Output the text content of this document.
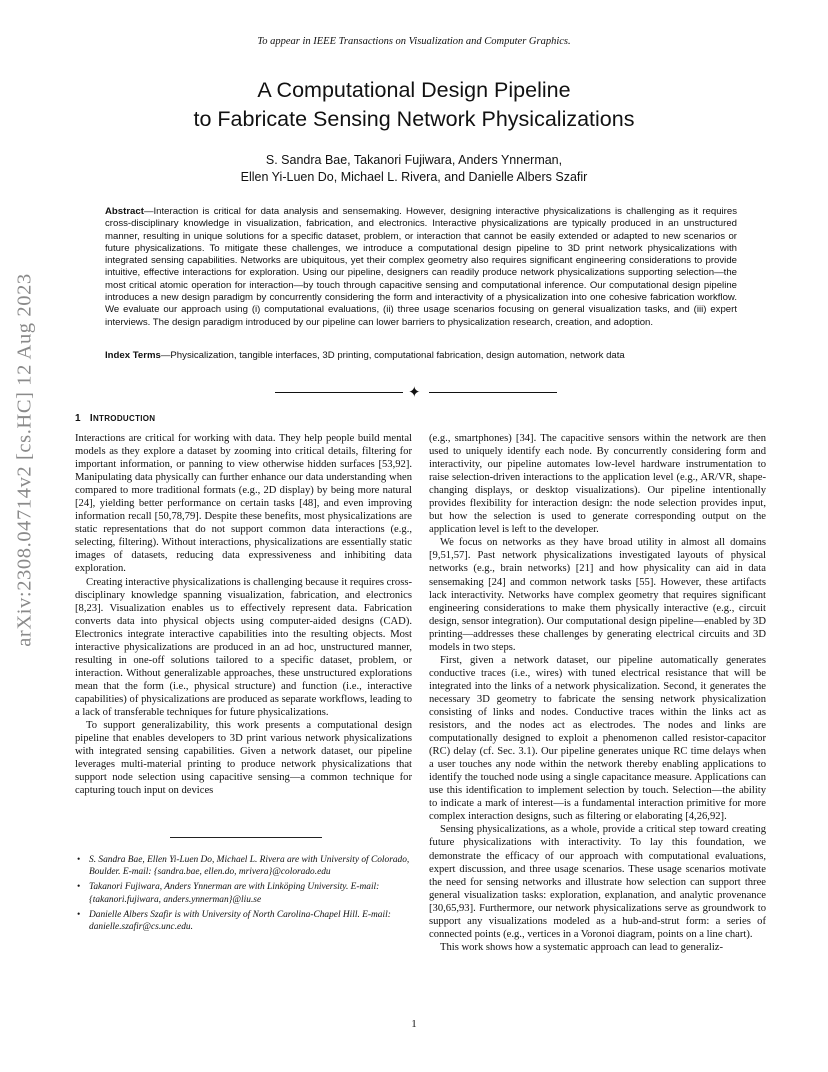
To appear in IEEE Transactions on Visualization and Computer Graphics.
arXiv:2308.04714v2 [cs.HC] 12 Aug 2023
A Computational Design Pipeline
to Fabricate Sensing Network Physicalizations
S. Sandra Bae, Takanori Fujiwara, Anders Ynnerman,
Ellen Yi-Luen Do, Michael L. Rivera, and Danielle Albers Szafir
Abstract—Interaction is critical for data analysis and sensemaking. However, designing interactive physicalizations is challenging as it requires cross-disciplinary knowledge in visualization, fabrication, and electronics. Interactive physicalizations are typically produced in an unstructured manner, resulting in unique solutions for a specific dataset, problem, or interaction that cannot be easily extended or adapted to new scenarios or future physicalizations. To mitigate these challenges, we introduce a computational design pipeline to 3D print network physicalizations with integrated sensing capabilities. Networks are ubiquitous, yet their complex geometry also requires significant engineering considerations to provide intuitive, effective interactions for exploration. Using our pipeline, designers can readily produce network physicalizations supporting selection—the most critical atomic operation for interaction—by touch through capacitive sensing and computational inference. Our computational design pipeline introduces a new design paradigm by concurrently considering the form and interactivity of a physicalization into one cohesive fabrication workflow. We evaluate our approach using (i) computational evaluations, (ii) three usage scenarios focusing on general visualization tasks, and (iii) expert interviews. The design paradigm introduced by our pipeline can lower barriers to physicalization research, creation, and adoption.
Index Terms—Physicalization, tangible interfaces, 3D printing, computational fabrication, design automation, network data
✦
1 INTRODUCTION

Interactions are critical for working with data. They help people build mental models as they explore a dataset by zooming into critical details, filtering for important information, or panning to view otherwise hidden surfaces [53,92]. Manipulating data physically can further enhance our data understanding when compared to more traditional formats (e.g., 2D display) by being more natural [24], yielding better performance on certain tasks [48], and even improving information recall [50,78,79]. Despite these benefits, most physicalizations are static representations that do not support common data interactions (e.g., selecting, filtering). Without interactions, physicalizations are essentially static images of datasets, reducing data expressiveness and inhibiting data exploration.

Creating interactive physicalizations is challenging because it requires cross-disciplinary knowledge spanning visualization, fabrication, and electronics [8,23]. Visualization enables us to effectively represent data. Fabrication converts data into physical objects using computer-aided designs (CAD). Electronics integrate interactive capabilities into the resulting objects. Most interactive physicalizations are produced in an ad hoc, unstructured manner, resulting in one-off solutions tailored to a specific dataset, problem, or interaction. Without generalizable approaches, these unstructured explorations mean that the form (i.e., physical structure) and function (i.e., interactive capabilities) of physicalizations are produced as separate workflows, leading to a lack of transferable techniques for future physicalizations.

To support generalizability, this work presents a computational design pipeline that enables developers to 3D print various network physicalizations with integrated sensing capabilities. Given a network dataset, our pipeline leverages multi-material printing to produce network physicalizations that support node selection using capacitive sensing—a common technique for capturing touch input on devices

(e.g., smartphones) [34]. The capacitive sensors within the network are then used to uniquely identify each node. By concurrently considering form and interactivity, our pipeline automates low-level hardware instrumentation to raise selection-driven interactions to the application level (e.g., AR/VR, shape-changing displays, or desktop visualizations). Our pipeline intentionally provides flexibility for interaction design: the node selection provides input, but how the selection is used to generate corresponding output on the application level is left to the developer.

We focus on networks as they have broad utility in almost all domains [9,51,57]. Past network physicalizations investigated layouts of physical networks (e.g., brain networks) [21] and how physicality can aid in data sensemaking [24] and common network tasks [55]. However, these artifacts lack interactivity. Networks have complex geometry that requires significant engineering considerations to make them physically interactive (e.g., circuit design, sensor integration). Our computational design pipeline—enabled by 3D printing—addresses these challenges by generating electrical circuits and 3D models in two steps.

First, given a network dataset, our pipeline automatically generates conductive traces (i.e., wires) with tuned electrical resistance that will be integrated into the links of a network physicalization. Second, it generates the necessary 3D geometry to fabricate the sensing network physicalization consisting of links and nodes. Conductive traces within the links act as resistors, and the nodes act as electrodes. The nodes and links are computationally designed to exploit a phenomenon called resistor-capacitor (RC) delay (cf. Sec. 3.1). Our pipeline generates unique RC time delays when a user touches any node within the network thereby enabling applications to identify the touched node using a single capacitance measure. Applications can use this identification to implement selection by touch. Selection—the ability to indicate a mark of interest—is a fundamental interaction primitive for more complex interaction designs, such as filtering or elaborating [4,26,92].

Sensing physicalizations, as a whole, provide a critical step toward creating future physicalizations with interactivity. To lay this foundation, we demonstrate the efficacy of our approach with computational evaluations, expert discussion, and three usage scenarios. These usage scenarios motivate the need for sensing networks and illustrate how selection can support three general visualization tasks: exploration, explanation, and analytic provenance [30,65,93]. Furthermore, our network physicalizations serve as groundwork to support any visualizations modeled as a hub-and-strut form: a series of connected points (e.g., vertices in a Voronoi diagram, points on a line chart).

This work shows how a systematic approach can lead to generaliz-

• S. Sandra Bae, Ellen Yi-Luen Do, Michael L. Rivera are with University of Colorado, Boulder. E-mail: {sandra.bae, ellen.do, mrivera}@colorado.edu
• Takanori Fujiwara, Anders Ynnerman are with Linköping University. E-mail: {takanori.fujiwara, anders.ynnerman}@liu.se
• Danielle Albers Szafir is with University of North Carolina-Chapel Hill. E-mail: danielle.szafir@cs.unc.edu.
1
